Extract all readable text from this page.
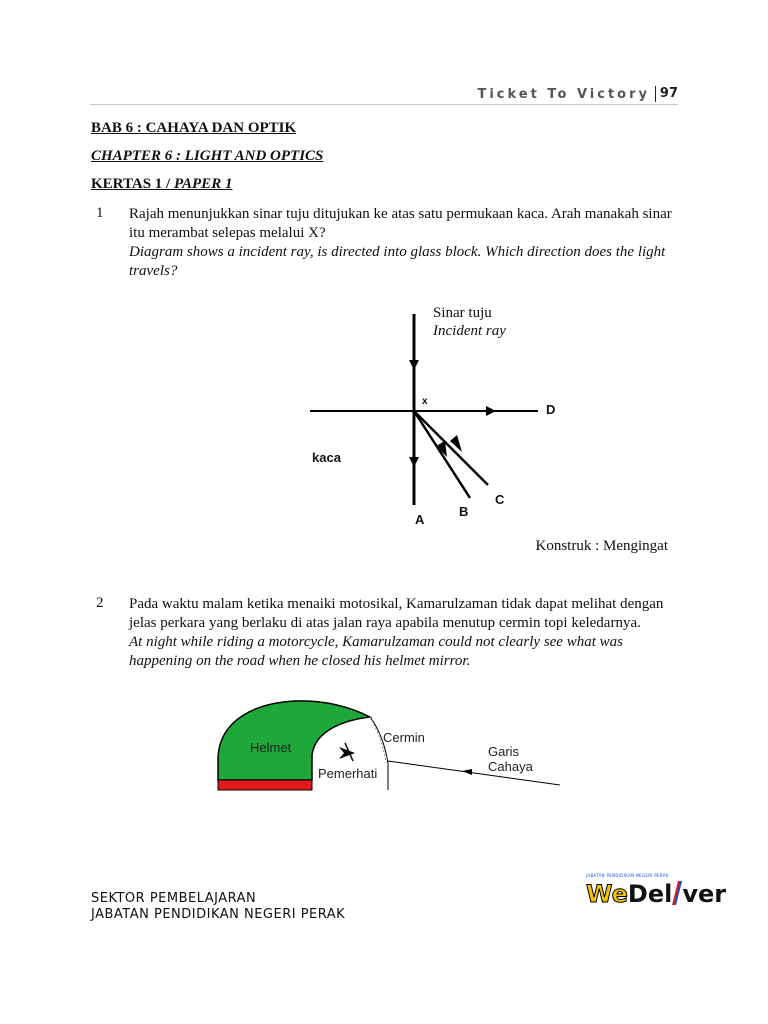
Ticket To Victory 97
BAB 6 : CAHAYA DAN OPTIK
CHAPTER 6 : LIGHT AND OPTICS
KERTAS 1 / PAPER 1
1 Rajah menunjukkan sinar tuju ditujukan ke atas satu permukaan kaca. Arah manakah sinar itu merambat selepas melalui X?
Diagram shows a incident ray, is directed into glass block. Which direction does the light travels?
Sinar tuju
Incident ray
x
kaca
A
B
C
D
Konstruk : Mengingat
2 Pada waktu malam ketika menaiki motosikal, Kamarulzaman tidak dapat melihat dengan jelas perkara yang berlaku di atas jalan raya apabila menutup cermin topi keledarnya.
At night while riding a motorcycle, Kamarulzaman could not clearly see what was happening on the road when he closed his helmet mirror.
Helmet
Cermin
Pemerhati
Garis
Cahaya
SEKTOR PEMBELAJARAN
JABATAN PENDIDIKAN NEGERI PERAK
JABATAN PENDIDIKAN NEGERI PERAK
WeDel ver
